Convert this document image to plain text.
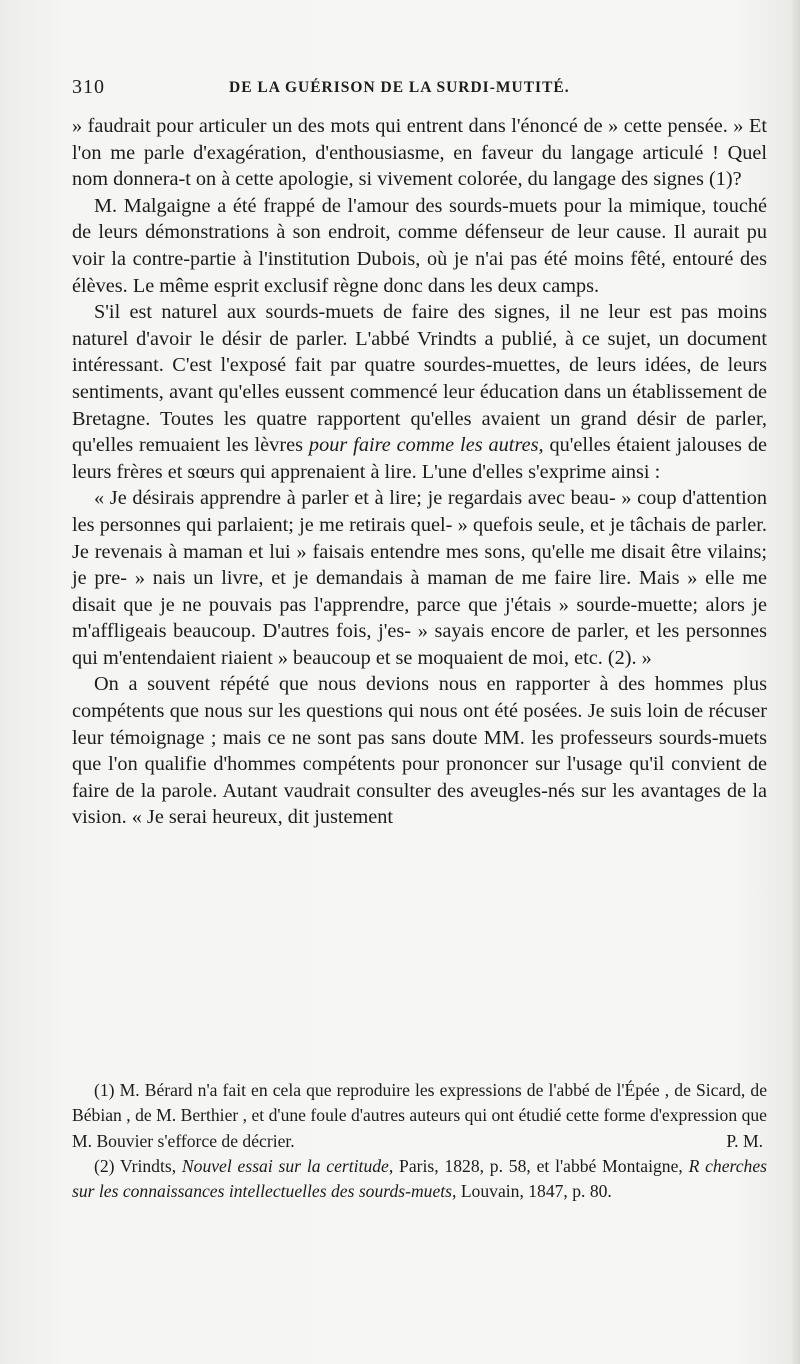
310	DE LA GUÉRISON DE LA SURDI-MUTITÉ.

» faudrait pour articuler un des mots qui entrent dans l'énoncé de » cette pensée. » Et l'on me parle d'exagération, d'enthousiasme, en faveur du langage articulé ! Quel nom donnera-t on à cette apologie, si vivement colorée, du langage des signes (1)?

M. Malgaigne a été frappé de l'amour des sourds-muets pour la mimique, touché de leurs démonstrations à son endroit, comme défenseur de leur cause. Il aurait pu voir la contre-partie à l'institution Dubois, où je n'ai pas été moins fêté, entouré des élèves. Le même esprit exclusif règne donc dans les deux camps.

S'il est naturel aux sourds-muets de faire des signes, il ne leur est pas moins naturel d'avoir le désir de parler. L'abbé Vrindts a publié, à ce sujet, un document intéressant. C'est l'exposé fait par quatre sourdes-muettes, de leurs idées, de leurs sentiments, avant qu'elles eussent commencé leur éducation dans un établissement de Bretagne. Toutes les quatre rapportent qu'elles avaient un grand désir de parler, qu'elles remuaient les lèvres pour faire comme les autres, qu'elles étaient jalouses de leurs frères et sœurs qui apprenaient à lire. L'une d'elles s'exprime ainsi :

« Je désirais apprendre à parler et à lire; je regardais avec beau- » coup d'attention les personnes qui parlaient; je me retirais quel- » quefois seule, et je tâchais de parler. Je revenais à maman et lui » faisais entendre mes sons, qu'elle me disait être vilains; je pre- » nais un livre, et je demandais à maman de me faire lire. Mais » elle me disait que je ne pouvais pas l'apprendre, parce que j'étais » sourde-muette; alors je m'affligeais beaucoup. D'autres fois, j'es- » sayais encore de parler, et les personnes qui m'entendaient riaient » beaucoup et se moquaient de moi, etc. (2). »

On a souvent répété que nous devions nous en rapporter à des hommes plus compétents que nous sur les questions qui nous ont été posées. Je suis loin de récuser leur témoignage ; mais ce ne sont pas sans doute MM. les professeurs sourds-muets que l'on qualifie d'hommes compétents pour prononcer sur l'usage qu'il convient de faire de la parole. Autant vaudrait consulter des aveugles-nés sur les avantages de la vision. « Je serai heureux, dit justement

(1) M. Bérard n'a fait en cela que reproduire les expressions de l'abbé de l'Épée , de Sicard, de Bébian , de M. Berthier , et d'une foule d'autres auteurs qui ont étudié cette forme d'expression que M. Bouvier s'efforce de décrier.	P. M.

(2) Vrindts, Nouvel essai sur la certitude, Paris, 1828, p. 58, et l'abbé Montaigne, R cherches sur les connaissances intellectuelles des sourds-muets, Louvain, 1847, p. 80.
